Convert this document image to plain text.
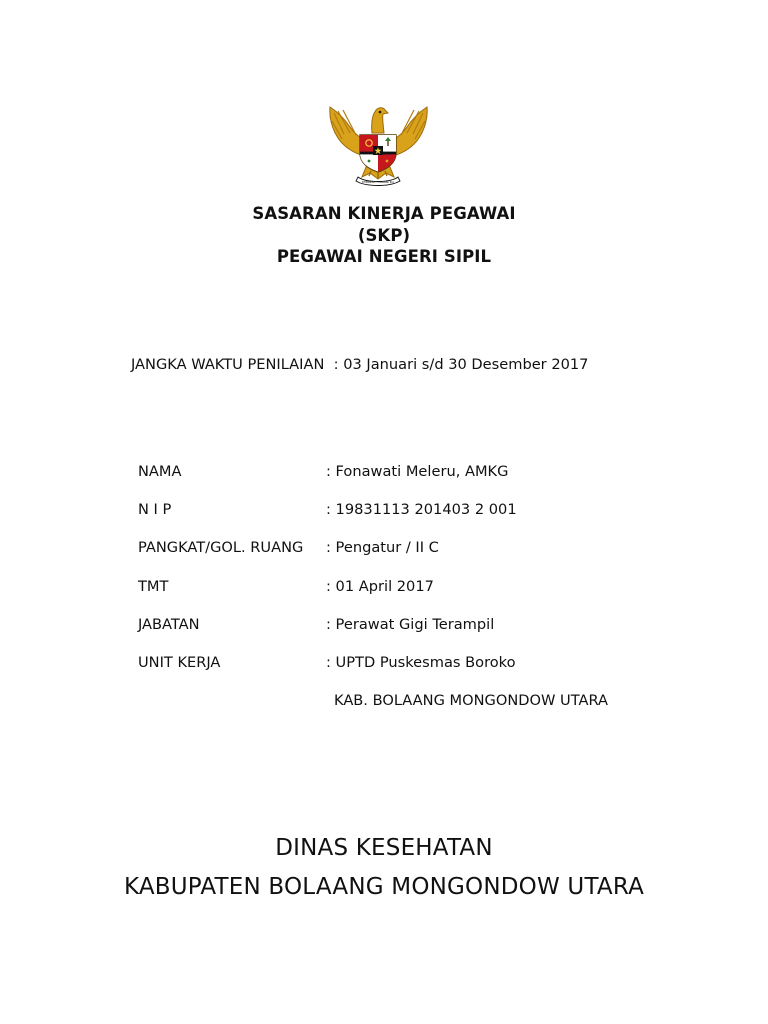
BHINNEKA TUNGGAL IKA
SASARAN KINERJA PEGAWAI
(SKP)
PEGAWAI NEGERI SIPIL
JANGKA WAKTU PENILAIAN  : 03 Januari s/d 30 Desember 2017
NAMA	: Fonawati Meleru, AMKG
N I P	: 19831113 201403 2 001
PANGKAT/GOL. RUANG : Pengatur / II C
TMT	: 01 April 2017
JABATAN	: Perawat Gigi Terampil
UNIT KERJA	: UPTD Puskesmas Boroko
KAB. BOLAANG MONGONDOW UTARA
DINAS KESEHATAN
KABUPATEN BOLAANG MONGONDOW UTARA
